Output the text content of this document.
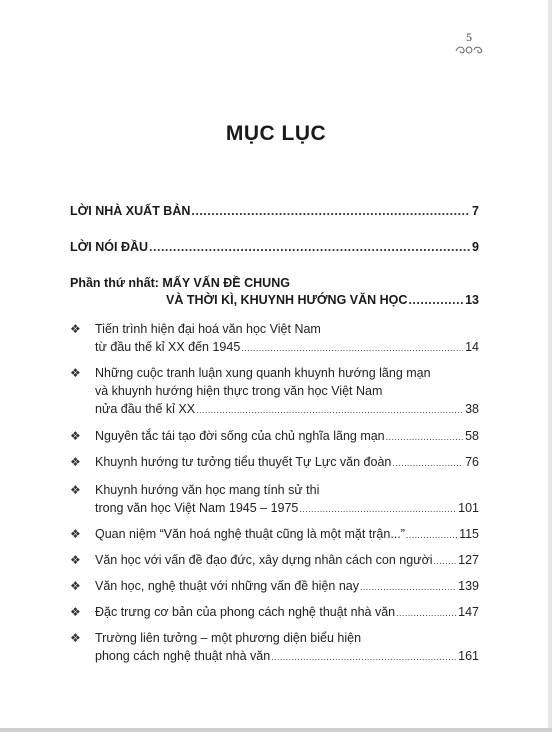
5
MỤC LỤC
LỜI NHÀ XUẤT BẢN .....	7
LỜI NÓI ĐẦU .....	9
Phần thứ nhất: MẤY VẤN ĐỀ CHUNG
VÀ THỜI KÌ, KHUYNH HƯỚNG VĂN HỌC .....	13
❖ Tiến trình hiện đại hoá văn học Việt Nam
từ đầu thế kỉ XX đến 1945 .....	14
❖ Những cuộc tranh luận xung quanh khuynh hướng lãng mạn
và khuynh hướng hiện thực trong văn học Việt Nam
nửa đầu thế kỉ XX .....	38
❖ Nguyên tắc tái tạo đời sống của chủ nghĩa lãng mạn .....	58
❖ Khuynh hướng tư tưởng tiểu thuyết Tự Lực văn đoàn .....	76
❖ Khuynh hướng văn học mang tính sử thi
trong văn học Việt Nam 1945 – 1975 .....	101
❖ Quan niệm “Văn hoá nghệ thuật cũng là một mặt trận...” .....	115
❖ Văn học với vấn đề đạo đức, xây dựng nhân cách con người ..... 127
❖ Văn học, nghệ thuật với những vấn đề hiện nay .....	139
❖ Đặc trưng cơ bản của phong cách nghệ thuật nhà văn .....	147
❖ Trường liên tưởng – một phương diện biểu hiện
phong cách nghệ thuật nhà văn .....	161
